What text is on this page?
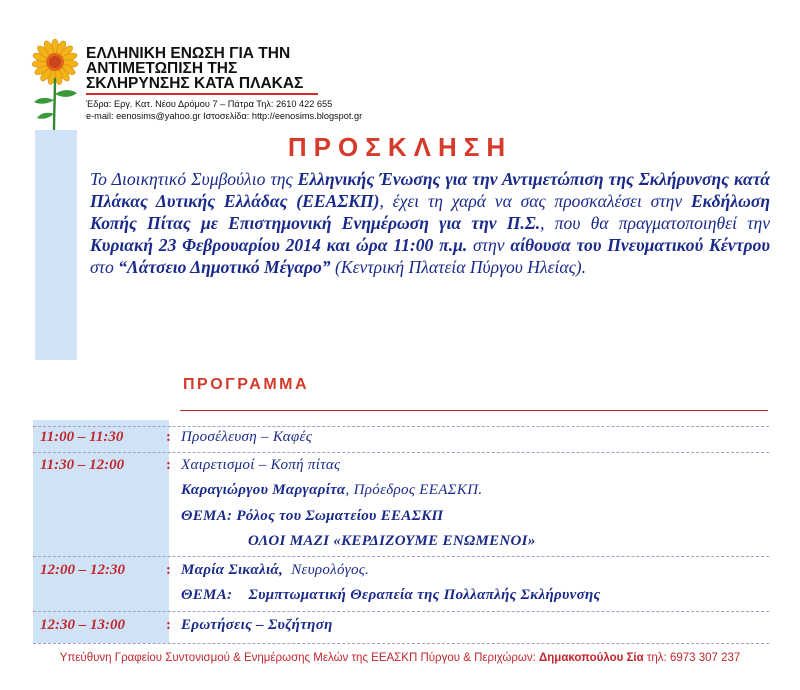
ΕΛΛΗΝΙΚΗ ΕΝΩΣΗ ΓΙΑ ΤΗΝ
ΑΝΤΙΜΕΤΩΠΙΣΗ ΤΗΣ
ΣΚΛΗΡΥΝΣΗΣ ΚΑΤΑ ΠΛΑΚΑΣ
Έδρα: Εργ. Κατ. Νέου Δρόμου 7 – Πάτρα Τηλ: 2610 422 655
e-mail: eenosims@yahoo.gr Ιστοσελίδα: http://eenosims.blogspot.gr
ΠΡΟΣΚΛΗΣΗ
Το Διοικητικό Συμβούλιο της Ελληνικής Ένωσης για την Αντιμετώπιση της Σκλήρυνσης κατά Πλάκας Δυτικής Ελλάδας (ΕΕΑΣΚΠ), έχει τη χαρά να σας προσκαλέσει στην Εκδήλωση Κοπής Πίτας με Επιστημονική Ενημέρωση για την Π.Σ., που θα πραγματοποιηθεί την Κυριακή 23 Φεβρουαρίου 2014 και ώρα 11:00 π.μ. στην αίθουσα του Πνευματικού Κέντρου στο “Λάτσειο Δημοτικό Μέγαρο” (Κεντρική Πλατεία Πύργου Ηλείας).
ΠΡΟΓΡΑΜΜΑ
11:00 – 11:30	: Προσέλευση – Καφές
11:30 – 12:00	: Χαιρετισμοί – Κοπή πίτας
Καραγιώργου Μαργαρίτα, Πρόεδρος ΕΕΑΣΚΠ.
ΘΕΜΑ: Ρόλος του Σωματείου ΕΕΑΣΚΠ
ΟΛΟΙ ΜΑΖΙ «ΚΕΡΔΙΖΟΥΜΕ ΕΝΩΜΕΝΟΙ»
12:00 – 12:30	: Μαρία Σικαλιά, Νευρολόγος.
ΘΕΜΑ: Συμπτωματική Θεραπεία της Πολλαπλής Σκλήρυνσης
12:30 – 13:00	: Ερωτήσεις – Συζήτηση
Υπεύθυνη Γραφείου Συντονισμού & Ενημέρωσης Μελών της ΕΕΑΣΚΠ Πύργου & Περιχώρων: Δημακοπούλου Σία τηλ: 6973 307 237
